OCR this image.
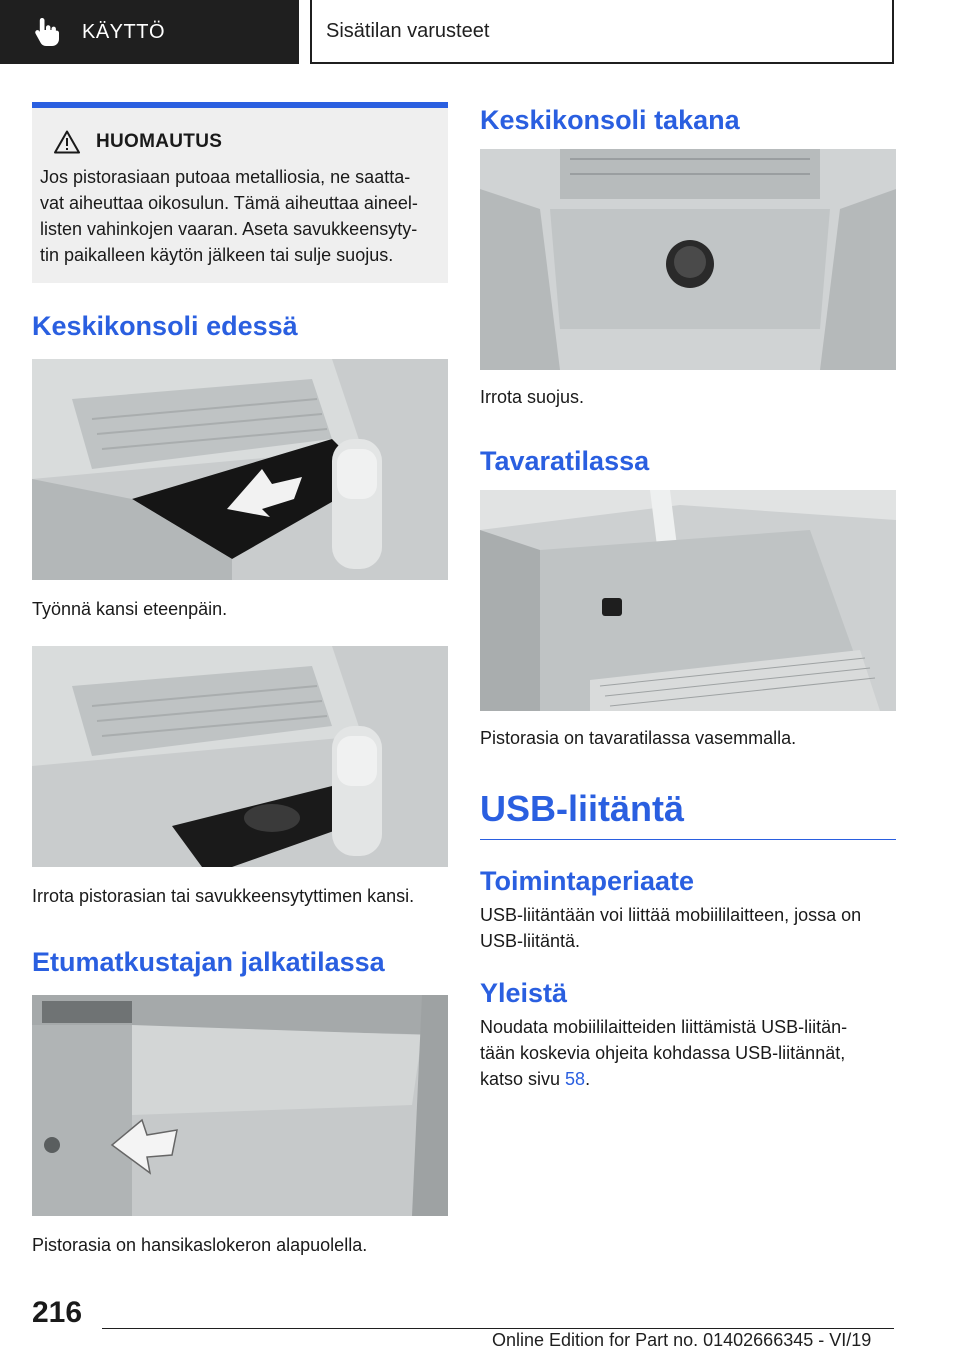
KÄYTTÖ	Sisätilan varusteet
HUOMAUTUS

Jos pistorasiaan putoaa metalliosia, ne saatta‐
vat aiheuttaa oikosulun. Tämä aiheuttaa aineel‐
listen vahinkojen vaaran. Aseta savukkeensyty‐
tin paikalleen käytön jälkeen tai sulje suojus.

Keskikonsoli edessä

Työnnä kansi eteenpäin.

Irrota pistorasian tai savukkeensytyttimen kansi.

Etumatkustajan jalkatilassa

Pistorasia on hansikaslokeron alapuolella.

Keskikonsoli takana

Irrota suojus.

Tavaratilassa

Pistorasia on tavaratilassa vasemmalla.

USB-liitäntä
Toimintaperiaate

USB-liitäntään voi liittää mobiililaitteen, jossa on
USB-liitäntä.

Yleistä

Noudata mobiililaitteiden liittämistä USB-liitän‐
tään koskevia ohjeita kohdassa USB-liitännät,
katso sivu 58.

216
Online Edition for Part no. 01402666345 - VI/19
